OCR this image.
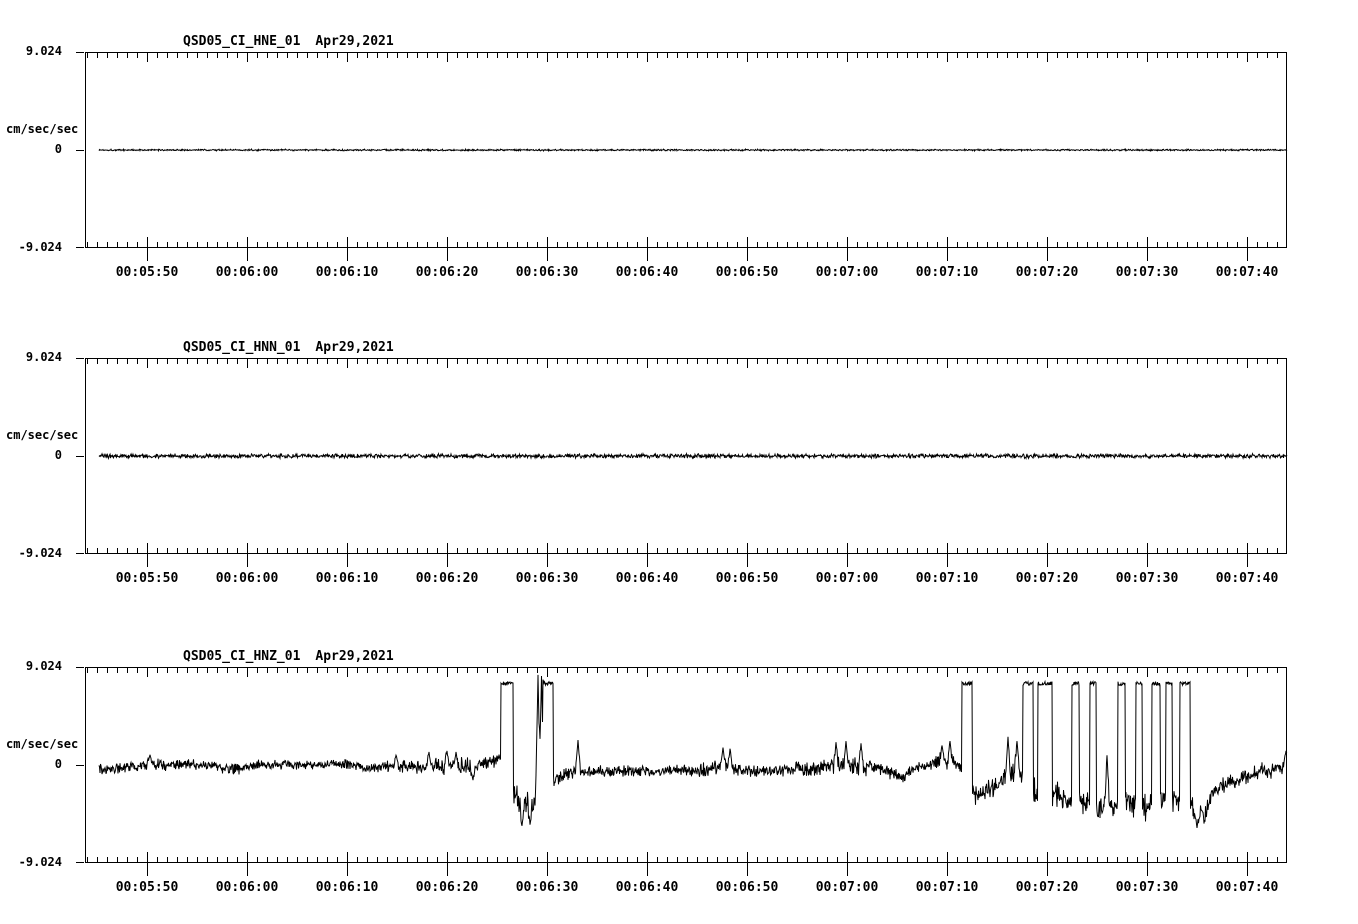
QSD05_CI_HNE_01 Apr29,2021
9.024
cm/sec/sec
0
-9.024
00:05:50	00:06:00	00:06:10	00:06:20	00:06:30	00:06:40	00:06:50	00:07:00	00:07:10	00:07:20	00:07:30	00:07:40
QSD05_CI_HNN_01 Apr29,2021
9.024
cm/sec/sec
0
-9.024
00:05:50	00:06:00	00:06:10	00:06:20	00:06:30	00:06:40	00:06:50	00:07:00	00:07:10	00:07:20	00:07:30	00:07:40
QSD05_CI_HNZ_01 Apr29,2021
9.024
cm/sec/sec
0
-9.024
00:05:50	00:06:00	00:06:10	00:06:20	00:06:30	00:06:40	00:06:50	00:07:00	00:07:10	00:07:20	00:07:30	00:07:40
